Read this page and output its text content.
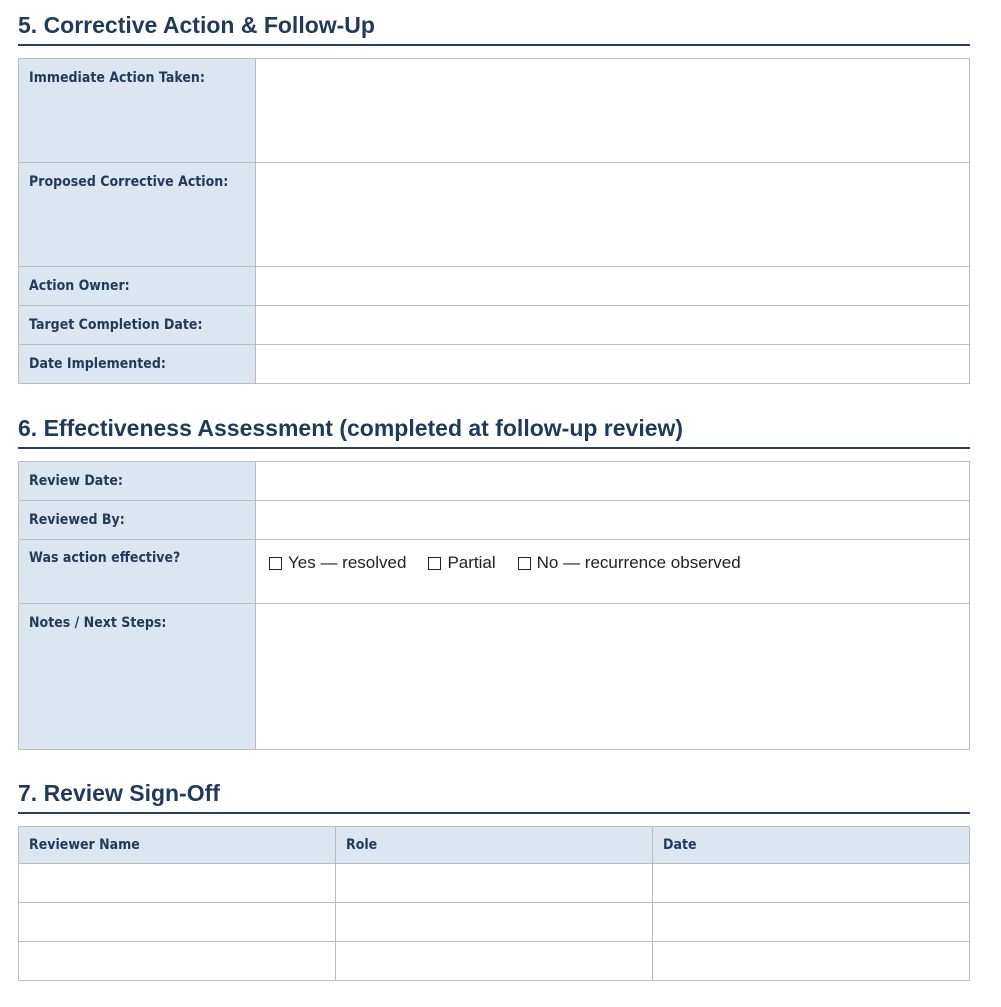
5. Corrective Action & Follow-Up
Immediate Action Taken:	

Proposed Corrective Action:	

Action Owner:	

Target Completion Date:	

Date Implemented:	

6. Effectiveness Assessment (completed at follow-up review)
Review Date:	

Reviewed By:	

Was action effective?	Yes — resolved Partial No — recurrence observed

Notes / Next Steps:	

7. Review Sign-Off
Reviewer Name	Role	Date
